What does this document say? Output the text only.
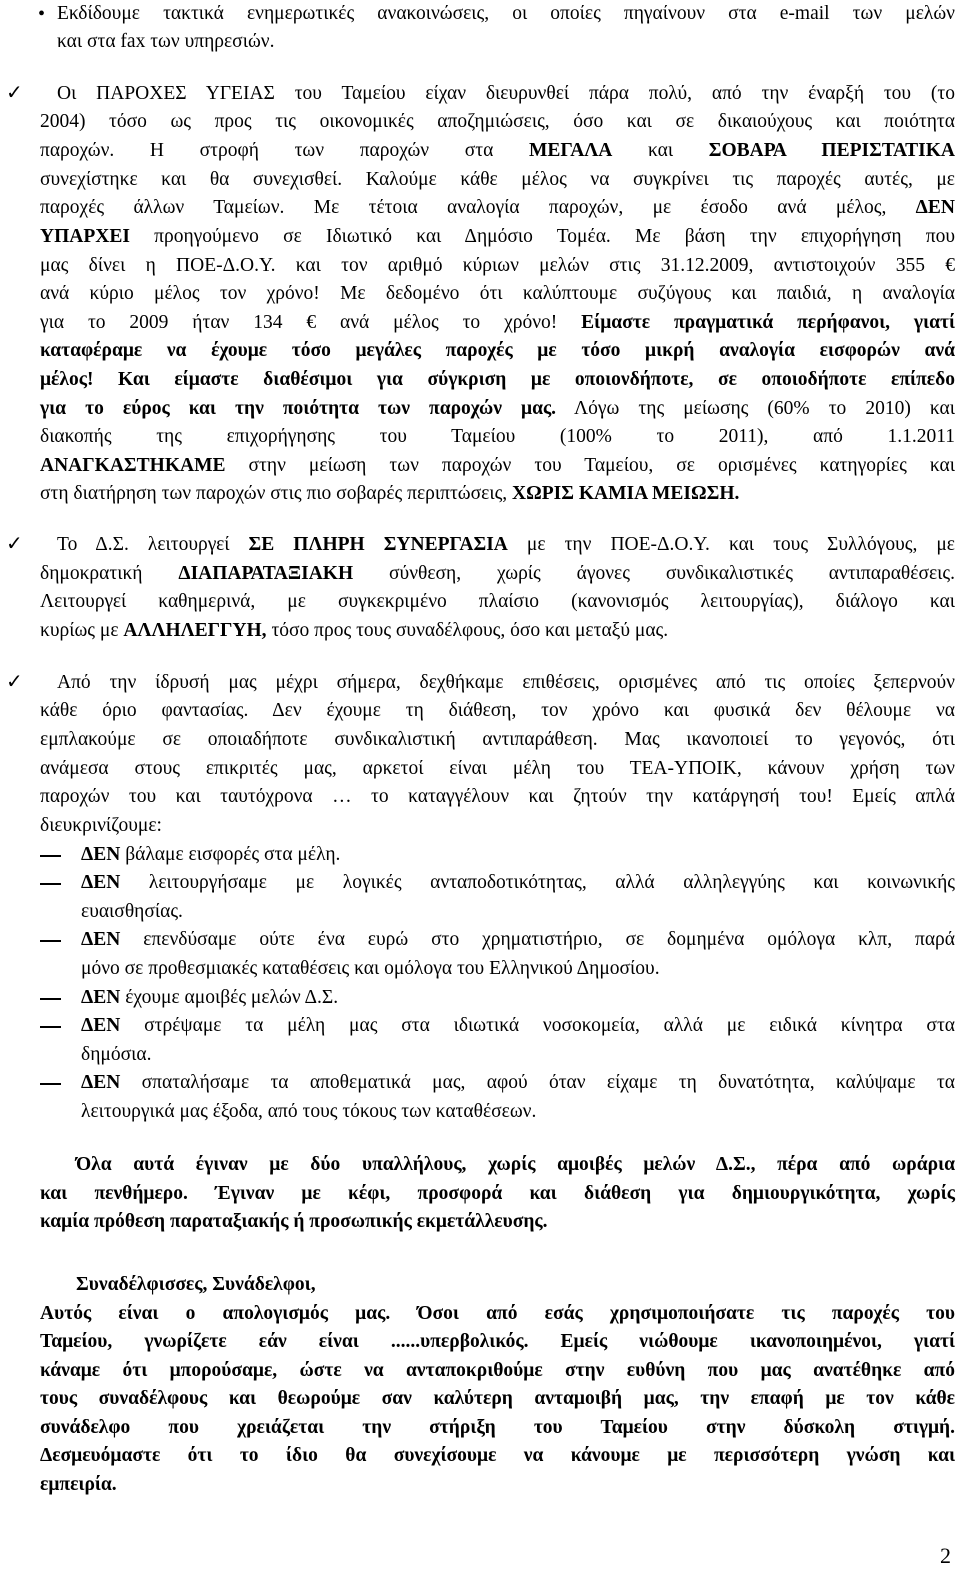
Εκδίδουμε τακτικά ενημερωτικές ανακοινώσεις, οι οποίες πηγαίνουν στα e-mail των μελών
και στα fax των υπηρεσιών.
Οι ΠΑΡΟΧΕΣ ΥΓΕΙΑΣ του Ταμείου είχαν διευρυνθεί πάρα πολύ, από την έναρξή του (το
2004) τόσο ως προς τις οικονομικές αποζημιώσεις, όσο και σε δικαιούχους και ποιότητα
παροχών. Η στροφή των παροχών στα ΜΕΓΑΛΑ και ΣΟΒΑΡΑ ΠΕΡΙΣΤΑΤΙΚΑ
συνεχίστηκε και θα συνεχισθεί. Καλούμε κάθε μέλος να συγκρίνει τις παροχές αυτές, με
παροχές άλλων Ταμείων. Με τέτοια αναλογία παροχών, με έσοδο ανά μέλος, ΔΕΝ
ΥΠΑΡΧΕΙ προηγούμενο σε Ιδιωτικό και Δημόσιο Τομέα. Με βάση την επιχορήγηση που
μας δίνει η ΠΟΕ-Δ.Ο.Υ. και τον αριθμό κύριων μελών στις 31.12.2009, αντιστοιχούν 355 €
ανά κύριο μέλος τον χρόνο! Με δεδομένο ότι καλύπτουμε συζύγους και παιδιά, η αναλογία
για το 2009 ήταν 134 € ανά μέλος το χρόνο! Είμαστε πραγματικά περήφανοι, γιατί
καταφέραμε να έχουμε τόσο μεγάλες παροχές με τόσο μικρή αναλογία εισφορών ανά
μέλος! Και είμαστε διαθέσιμοι για σύγκριση με οποιονδήποτε, σε οποιοδήποτε επίπεδο
για το εύρος και την ποιότητα των παροχών μας. Λόγω της μείωσης (60% το 2010) και
διακοπής της επιχορήγησης του Ταμείου (100% το 2011), από 1.1.2011
ΑΝΑΓΚΑΣΤΗΚΑΜΕ στην μείωση των παροχών του Ταμείου, σε ορισμένες κατηγορίες και
στη διατήρηση των παροχών στις πιο σοβαρές περιπτώσεις, ΧΩΡΙΣ ΚΑΜΙΑ ΜΕΙΩΣΗ.
Το Δ.Σ. λειτουργεί ΣΕ ΠΛΗΡΗ ΣΥΝΕΡΓΑΣΙΑ με την ΠΟΕ-Δ.Ο.Υ. και τους Συλλόγους, με
δημοκρατική ΔΙΑΠΑΡΑΤΑΞΙΑΚΗ σύνθεση, χωρίς άγονες συνδικαλιστικές αντιπαραθέσεις.
Λειτουργεί καθημερινά, με συγκεκριμένο πλαίσιο (κανονισμός λειτουργίας), διάλογο και
κυρίως με ΑΛΛΗΛΕΓΓΥΗ, τόσο προς τους συναδέλφους, όσο και μεταξύ μας.
Από την ίδρυσή μας μέχρι σήμερα, δεχθήκαμε επιθέσεις, ορισμένες από τις οποίες ξεπερνούν
κάθε όριο φαντασίας. Δεν έχουμε τη διάθεση, τον χρόνο και φυσικά δεν θέλουμε να
εμπλακούμε σε οποιαδήποτε συνδικαλιστική αντιπαράθεση. Μας ικανοποιεί το γεγονός, ότι
ανάμεσα στους επικριτές μας, αρκετοί είναι μέλη του ΤΕΑ-ΥΠΟΙΚ, κάνουν χρήση των
παροχών του και ταυτόχρονα … το καταγγέλουν και ζητούν την κατάργησή του! Εμείς απλά
διευκρινίζουμε:
ΔΕΝ βάλαμε εισφορές στα μέλη.
ΔΕΝ λειτουργήσαμε με λογικές ανταποδοτικότητας, αλλά αλληλεγγύης και κοινωνικής
ευαισθησίας.
ΔΕΝ επενδύσαμε ούτε ένα ευρώ στο χρηματιστήριο, σε δομημένα ομόλογα κλπ, παρά
μόνο σε προθεσμιακές καταθέσεις και ομόλογα του Ελληνικού Δημοσίου.
ΔΕΝ έχουμε αμοιβές μελών Δ.Σ.
ΔΕΝ στρέψαμε τα μέλη μας στα ιδιωτικά νοσοκομεία, αλλά με ειδικά κίνητρα στα
δημόσια.
ΔΕΝ σπαταλήσαμε τα αποθεματικά μας, αφού όταν είχαμε τη δυνατότητα, καλύψαμε τα
λειτουργικά μας έξοδα, από τους τόκους των καταθέσεων.
Όλα αυτά έγιναν με δύο υπαλλήλους, χωρίς αμοιβές μελών Δ.Σ., πέρα από ωράρια
και πενθήμερο. Έγιναν με κέφι, προσφορά και διάθεση για δημιουργικότητα, χωρίς
καμία πρόθεση παραταξιακής ή προσωπικής εκμετάλλευσης.
Συναδέλφισσες, Συνάδελφοι,
Αυτός είναι ο απολογισμός μας. Όσοι από εσάς χρησιμοποιήσατε τις παροχές του
Ταμείου, γνωρίζετε εάν είναι ......υπερβολικός. Εμείς νιώθουμε ικανοποιημένοι, γιατί
κάναμε ότι μπορούσαμε, ώστε να ανταποκριθούμε στην ευθύνη που μας ανατέθηκε από
τους συναδέλφους και θεωρούμε σαν καλύτερη ανταμοιβή μας, την επαφή με τον κάθε
συνάδελφο που χρειάζεται την στήριξη του Ταμείου στην δύσκολη στιγμή.
Δεσμευόμαστε ότι το ίδιο θα συνεχίσουμε να κάνουμε με περισσότερη γνώση και
εμπειρία.
•
✓
✓
✓
2
